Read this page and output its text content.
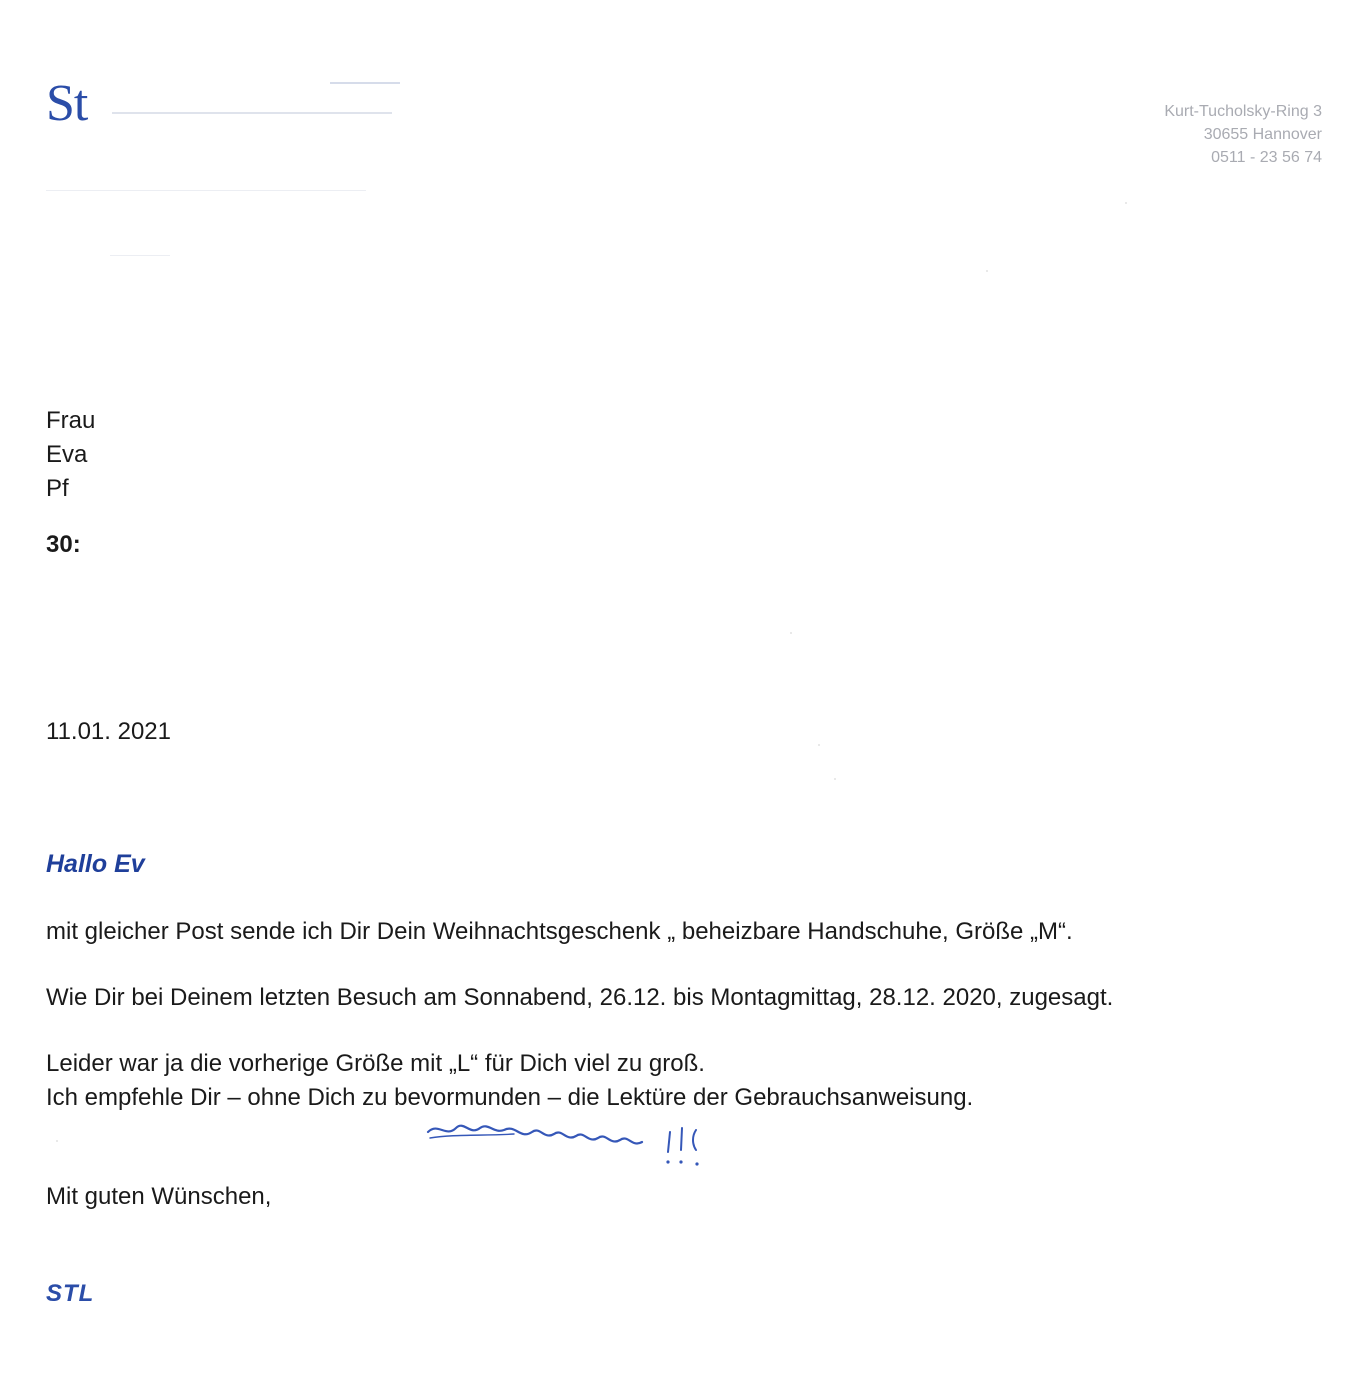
St	Kurt-Tucholsky-Ring 3
30655 Hannover
0511 - 23 56 74
Frau
Eva
Pf
30:
11.01. 2021
Hallo Ev
mit gleicher Post sende ich Dir Dein Weihnachtsgeschenk „ beheizbare Handschuhe, Größe „M“.
Wie Dir bei Deinem letzten Besuch am Sonnabend, 26.12. bis Montagmittag, 28.12. 2020, zugesagt.
Leider war ja die vorherige Größe mit „L“ für Dich viel zu groß.
Ich empfehle Dir – ohne Dich zu bevormunden – die Lektüre der Gebrauchsanweisung.
Mit guten Wünschen,
STL
